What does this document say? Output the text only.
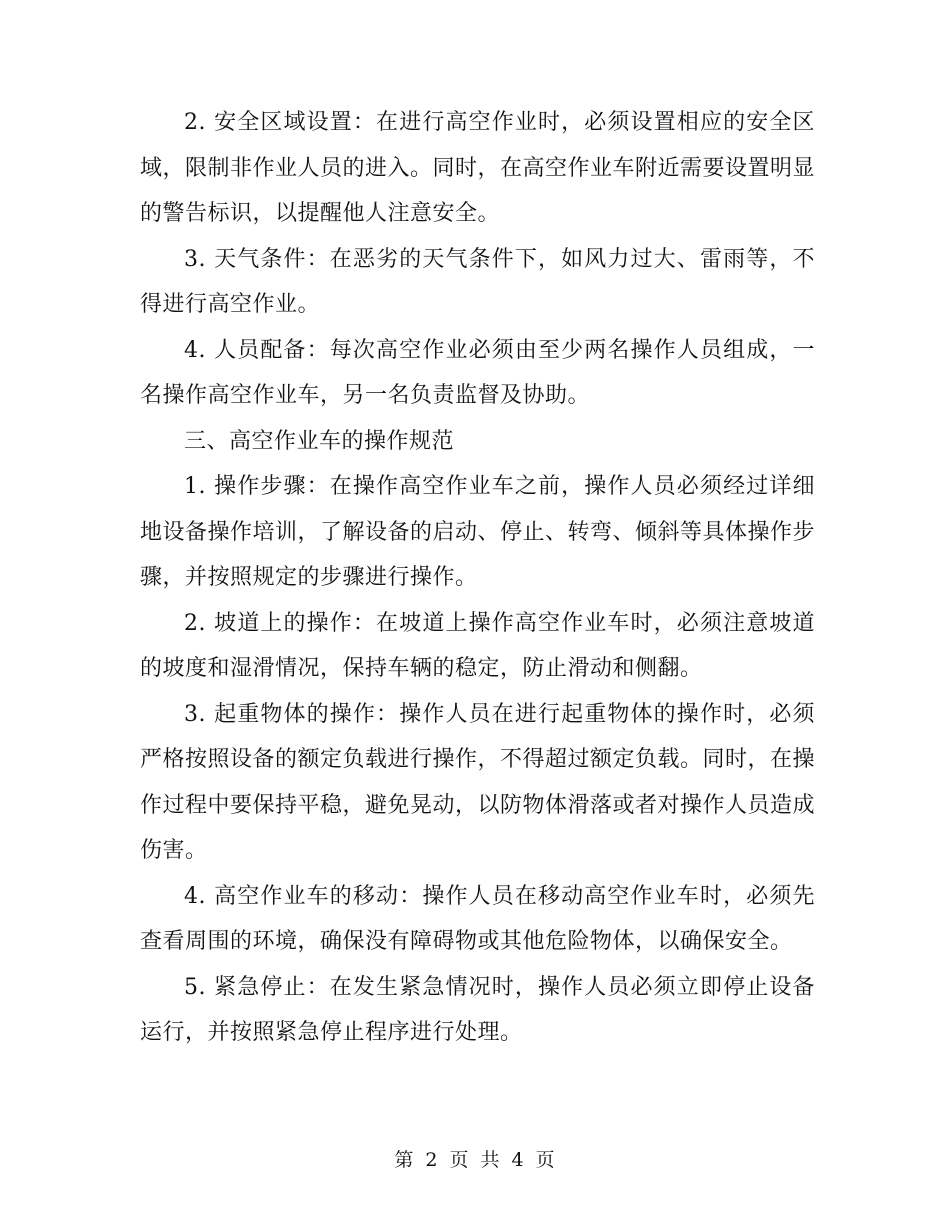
2. 安全区域设置：在进行高空作业时，必须设置相应的安全区域，限制非作业人员的进入。同时，在高空作业车附近需要设置明显的警告标识，以提醒他人注意安全。

3. 天气条件：在恶劣的天气条件下，如风力过大、雷雨等，不得进行高空作业。

4. 人员配备：每次高空作业必须由至少两名操作人员组成，一名操作高空作业车，另一名负责监督及协助。

三、高空作业车的操作规范

1. 操作步骤：在操作高空作业车之前，操作人员必须经过详细地设备操作培训，了解设备的启动、停止、转弯、倾斜等具体操作步骤，并按照规定的步骤进行操作。

2. 坡道上的操作：在坡道上操作高空作业车时，必须注意坡道的坡度和湿滑情况，保持车辆的稳定，防止滑动和侧翻。

3. 起重物体的操作：操作人员在进行起重物体的操作时，必须严格按照设备的额定负载进行操作，不得超过额定负载。同时，在操作过程中要保持平稳，避免晃动，以防物体滑落或者对操作人员造成伤害。

4. 高空作业车的移动：操作人员在移动高空作业车时，必须先查看周围的环境，确保没有障碍物或其他危险物体，以确保安全。

5. 紧急停止：在发生紧急情况时，操作人员必须立即停止设备运行，并按照紧急停止程序进行处理。

第 2 页 共 4 页
